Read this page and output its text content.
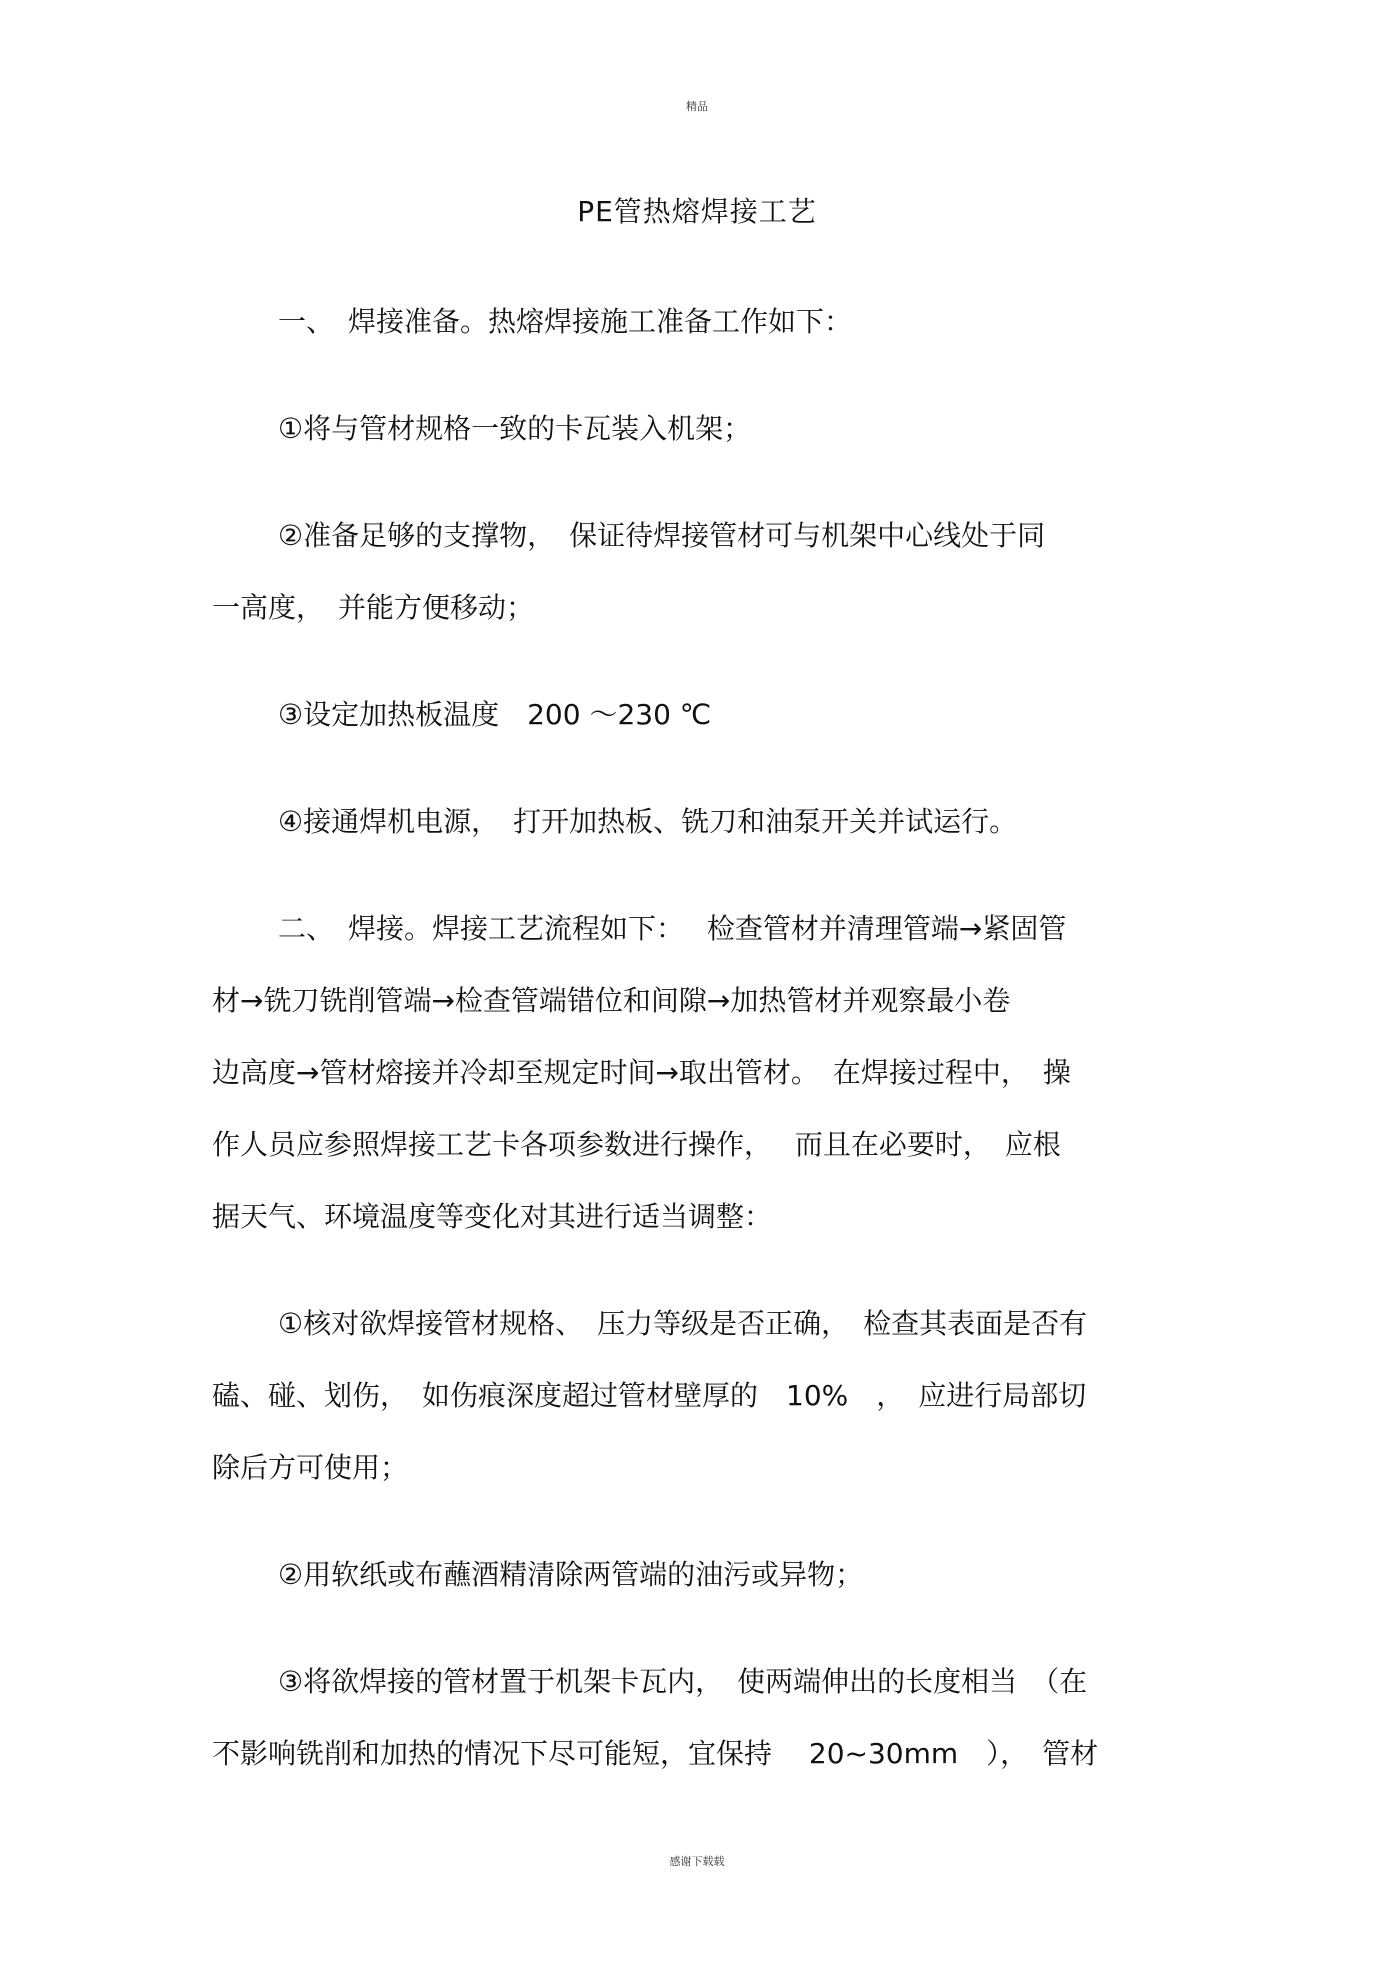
精品
PE管热熔焊接工艺
一、　焊接准备。热熔焊接施工准备工作如下：
①将与管材规格一致的卡瓦装入机架；
②准备足够的支撑物，　保证待焊接管材可与机架中心线处于同
一高度，　并能方便移动；
③设定加热板温度　200 ～230 ℃
④接通焊机电源，　打开加热板、铣刀和油泵开关并试运行。
二、　焊接。焊接工艺流程如下：　 检查管材并清理管端→紧固管
材→铣刀铣削管端→检查管端错位和间隙→加热管材并观察最小卷
边高度→管材熔接并冷却至规定时间→取出管材。　在焊接过程中，　操
作人员应参照焊接工艺卡各项参数进行操作，　 而且在必要时，　应根
据天气、环境温度等变化对其进行适当调整：
①核对欲焊接管材规格、　压力等级是否正确，　检查其表面是否有
磕、碰、划伤，　如伤痕深度超过管材壁厚的　10%　，　应进行局部切
除后方可使用；
②用软纸或布蘸酒精清除两管端的油污或异物；
③将欲焊接的管材置于机架卡瓦内，　使两端伸出的长度相当　（在
不影响铣削和加热的情况下尽可能短，宜保持　 20~30mm　），　管材
感谢下载载
